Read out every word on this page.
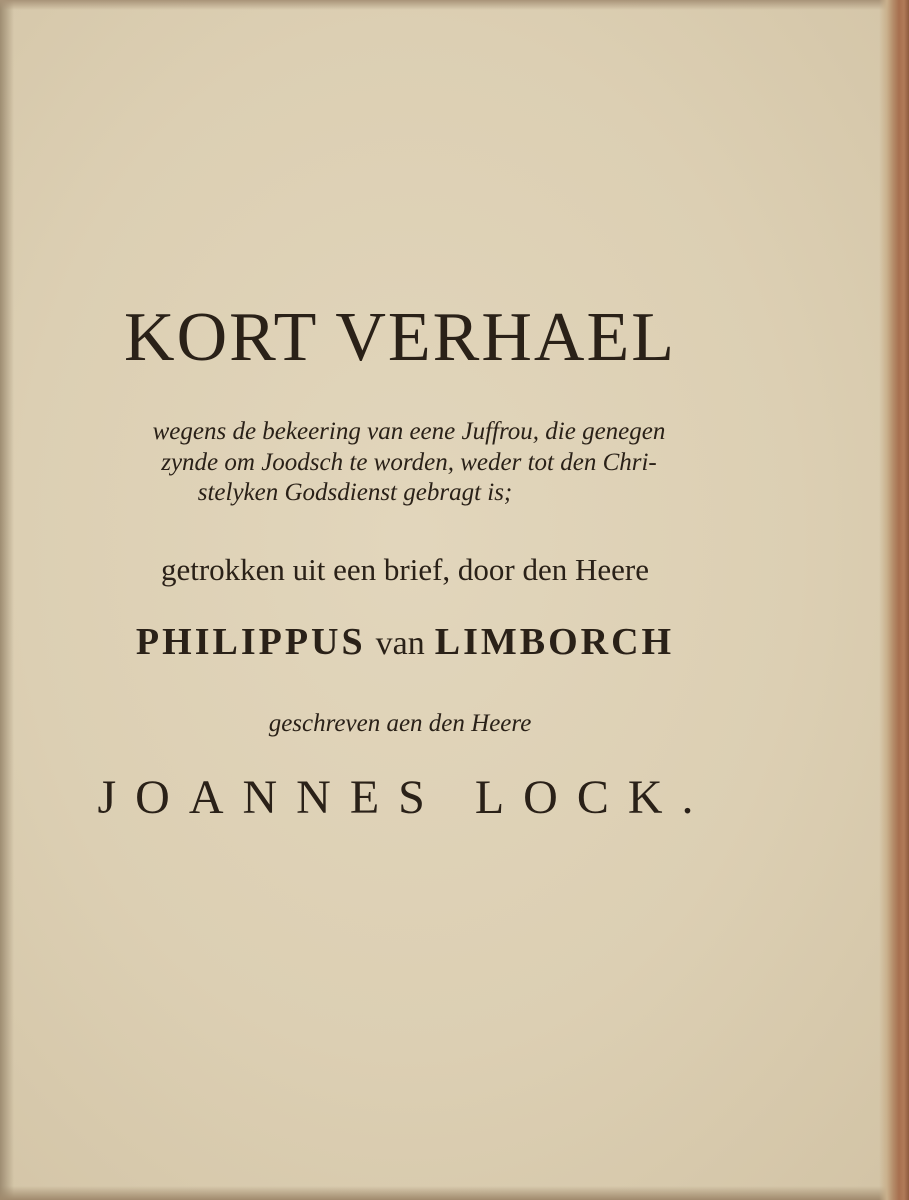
KORT VERHAEL

wegens de bekeering van eene Juffrou, die genegen

zynde om Joodsch te worden, weder tot den Chri-

stelyken Godsdienst gebragt is;

getrokken uit een brief, door den Heere

PHILIPPUS van LIMBORCH

geschreven aen den Heere

JOANNES LOCK.
